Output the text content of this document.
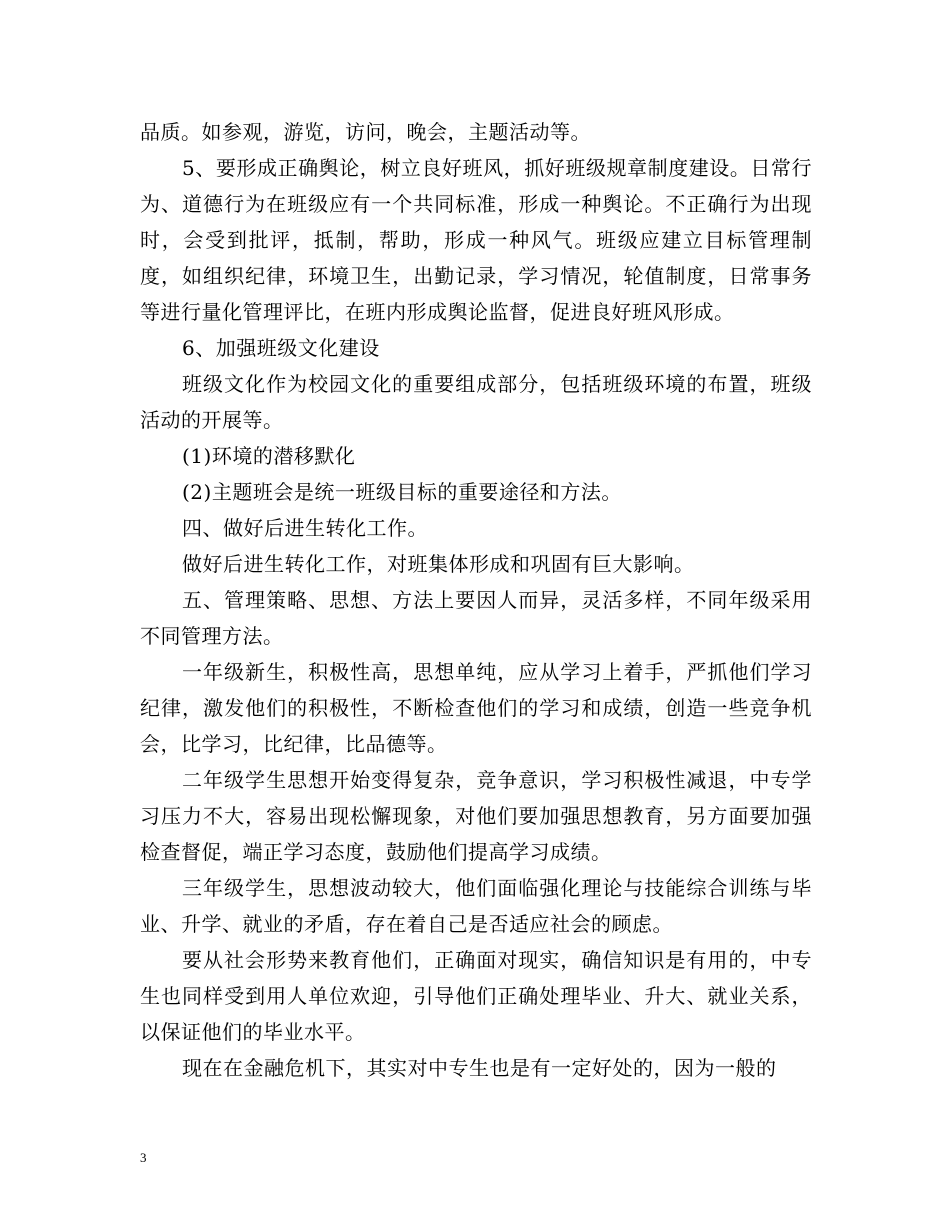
品质。如参观，游览，访问，晚会，主题活动等。

5、要形成正确舆论，树立良好班风，抓好班级规章制度建设。日常行为、道德行为在班级应有一个共同标准，形成一种舆论。不正确行为出现时，会受到批评，抵制，帮助，形成一种风气。班级应建立目标管理制度，如组织纪律，环境卫生，出勤记录，学习情况，轮值制度，日常事务等进行量化管理评比，在班内形成舆论监督，促进良好班风形成。

6、加强班级文化建设

班级文化作为校园文化的重要组成部分，包括班级环境的布置，班级活动的开展等。

(1)环境的潜移默化

(2)主题班会是统一班级目标的重要途径和方法。

四、做好后进生转化工作。

做好后进生转化工作，对班集体形成和巩固有巨大影响。

五、管理策略、思想、方法上要因人而异，灵活多样，不同年级采用不同管理方法。

一年级新生，积极性高，思想单纯，应从学习上着手，严抓他们学习纪律，激发他们的积极性，不断检查他们的学习和成绩，创造一些竞争机会，比学习，比纪律，比品德等。

二年级学生思想开始变得复杂，竞争意识，学习积极性减退，中专学习压力不大，容易出现松懈现象，对他们要加强思想教育，另方面要加强检查督促，端正学习态度，鼓励他们提高学习成绩。

三年级学生，思想波动较大，他们面临强化理论与技能综合训练与毕业、升学、就业的矛盾，存在着自己是否适应社会的顾虑。

要从社会形势来教育他们，正确面对现实，确信知识是有用的，中专生也同样受到用人单位欢迎，引导他们正确处理毕业、升大、就业关系，以保证他们的毕业水平。

现在在金融危机下，其实对中专生也是有一定好处的，因为一般的

3
